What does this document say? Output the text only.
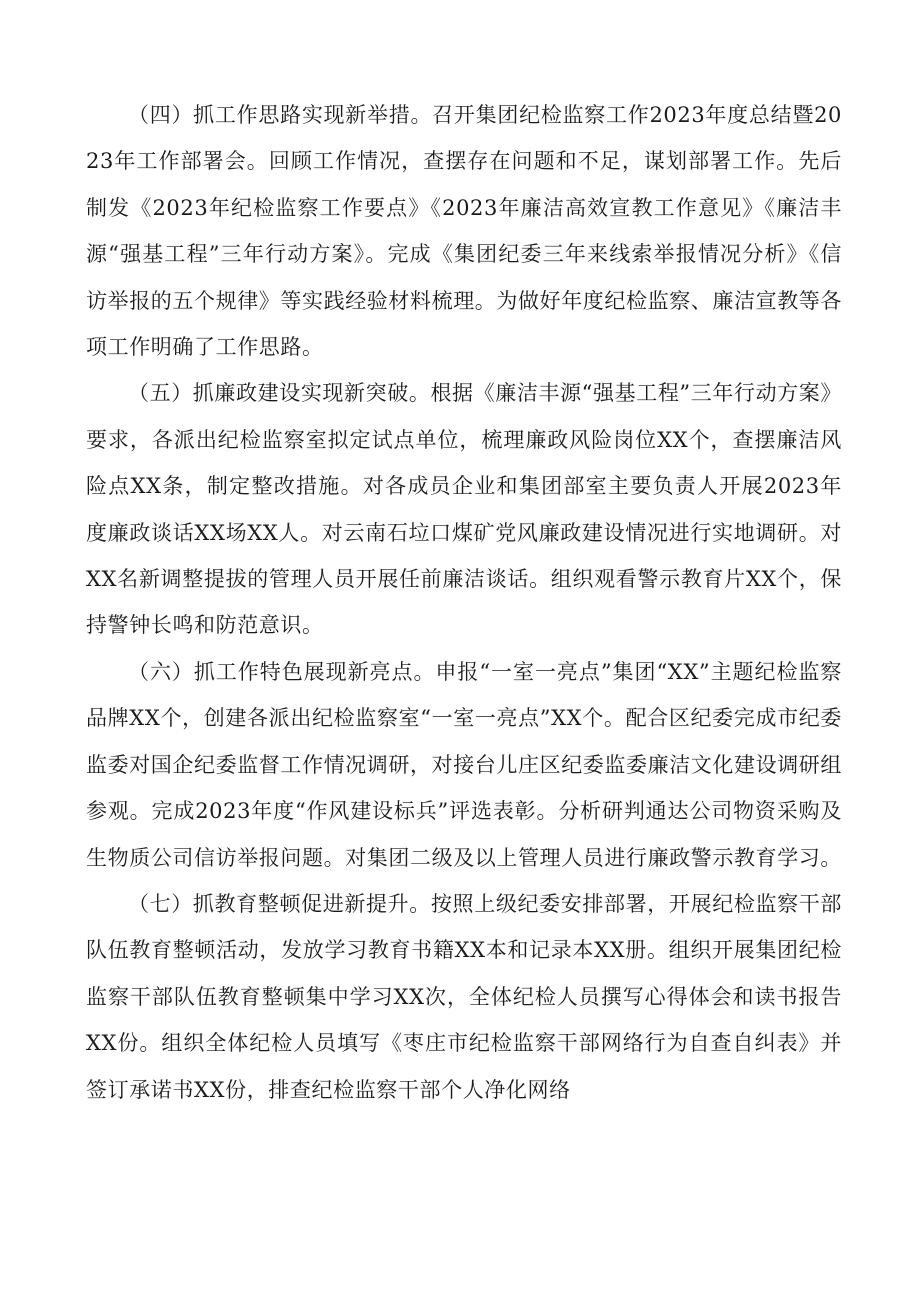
（四）抓工作思路实现新举措。召开集团纪检监察工作2023年度总结暨2023年工作部署会。回顾工作情况，查摆存在问题和不足，谋划部署工作。先后制发《2023年纪检监察工作要点》《2023年廉洁高效宣教工作意见》《廉洁丰源“强基工程”三年行动方案》。完成《集团纪委三年来线索举报情况分析》《信访举报的五个规律》等实践经验材料梳理。为做好年度纪检监察、廉洁宣教等各项工作明确了工作思路。

（五）抓廉政建设实现新突破。根据《廉洁丰源“强基工程”三年行动方案》要求，各派出纪检监察室拟定试点单位，梳理廉政风险岗位XX个，查摆廉洁风险点XX条，制定整改措施。对各成员企业和集团部室主要负责人开展2023年度廉政谈话XX场XX人。对云南石垃口煤矿党风廉政建设情况进行实地调研。对XX名新调整提拔的管理人员开展任前廉洁谈话。组织观看警示教育片XX个，保持警钟长鸣和防范意识。

（六）抓工作特色展现新亮点。申报“一室一亮点”集团“XX”主题纪检监察品牌XX个，创建各派出纪检监察室“一室一亮点”XX个。配合区纪委完成市纪委监委对国企纪委监督工作情况调研，对接台儿庄区纪委监委廉洁文化建设调研组参观。完成2023年度“作风建设标兵”评选表彰。分析研判通达公司物资采购及生物质公司信访举报问题。对集团二级及以上管理人员进行廉政警示教育学习。

（七）抓教育整顿促进新提升。按照上级纪委安排部署，开展纪检监察干部队伍教育整顿活动，发放学习教育书籍XX本和记录本XX册。组织开展集团纪检监察干部队伍教育整顿集中学习XX次，全体纪检人员撰写心得体会和读书报告XX份。组织全体纪检人员填写《枣庄市纪检监察干部网络行为自查自纠表》并签订承诺书XX份，排查纪检监察干部个人净化网络
